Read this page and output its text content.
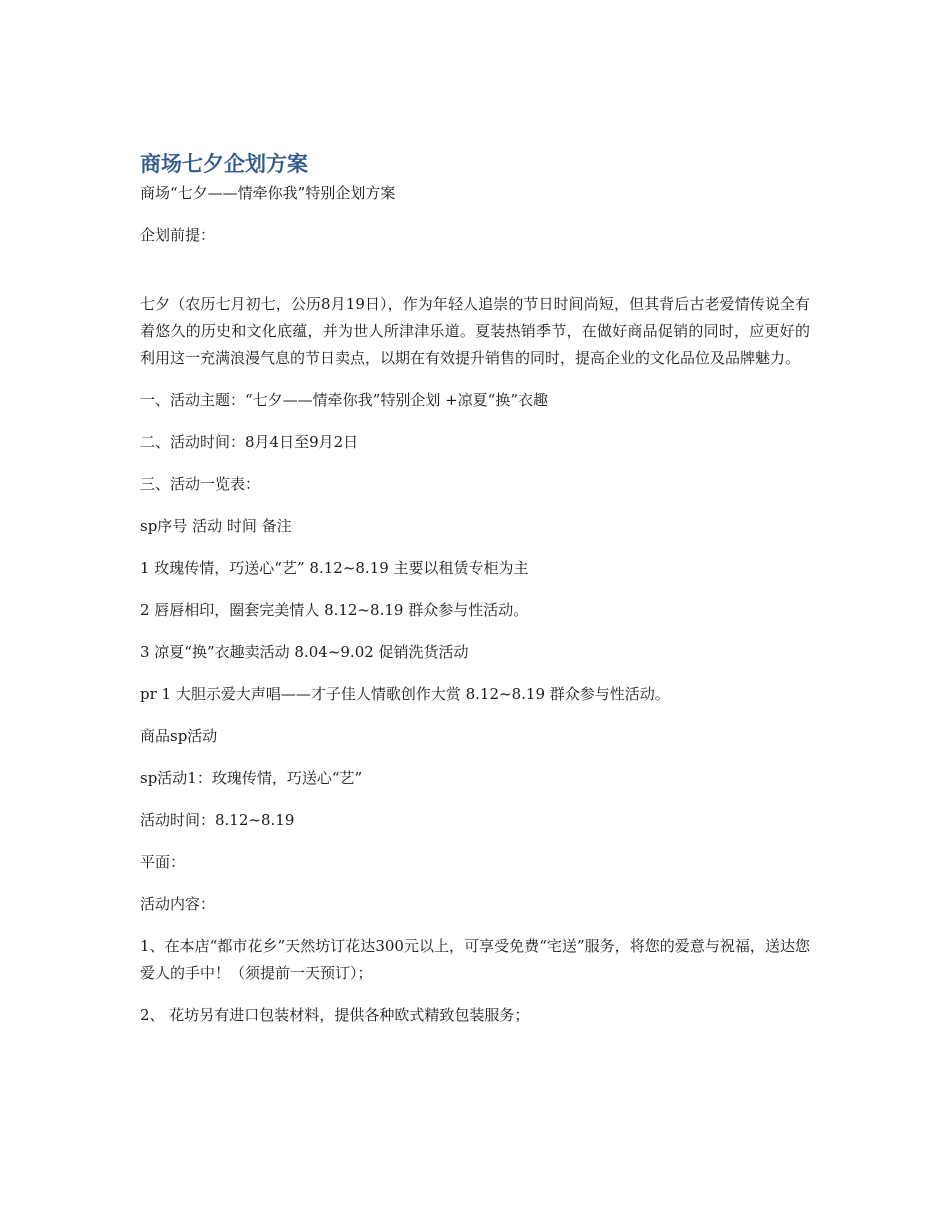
商场七夕企划方案

商场“七夕——情牵你我”特别企划方案

企划前提：

七夕（农历七月初七，公历8月19日），作为年轻人追崇的节日时间尚短，但其背后古老爱情传说全有着悠久的历史和文化底蕴，并为世人所津津乐道。夏装热销季节，在做好商品促销的同时，应更好的利用这一充满浪漫气息的节日卖点，以期在有效提升销售的同时，提高企业的文化品位及品牌魅力。

一、活动主题：“七夕——情牵你我”特别企划 +凉夏“换”衣趣

二、活动时间：8月4日至9月2日

三、活动一览表：

sp序号 活动 时间 备注

1 玫瑰传情，巧送心“艺” 8.12~8.19 主要以租赁专柜为主

2 唇唇相印，圈套完美情人 8.12~8.19 群众参与性活动。

3 凉夏“换”衣趣卖活动 8.04~9.02 促销洗货活动

pr 1 大胆示爱大声唱——才子佳人情歌创作大赏 8.12~8.19 群众参与性活动。

商品sp活动

sp活动1：玫瑰传情，巧送心“艺”

活动时间：8.12~8.19

平面：

活动内容：

1、在本店“都市花乡”天然坊订花达300元以上，可享受免费“宅送”服务，将您的爱意与祝福，送达您爱人的手中！（须提前一天预订）；

2、 花坊另有进口包装材料，提供各种欧式精致包装服务；
